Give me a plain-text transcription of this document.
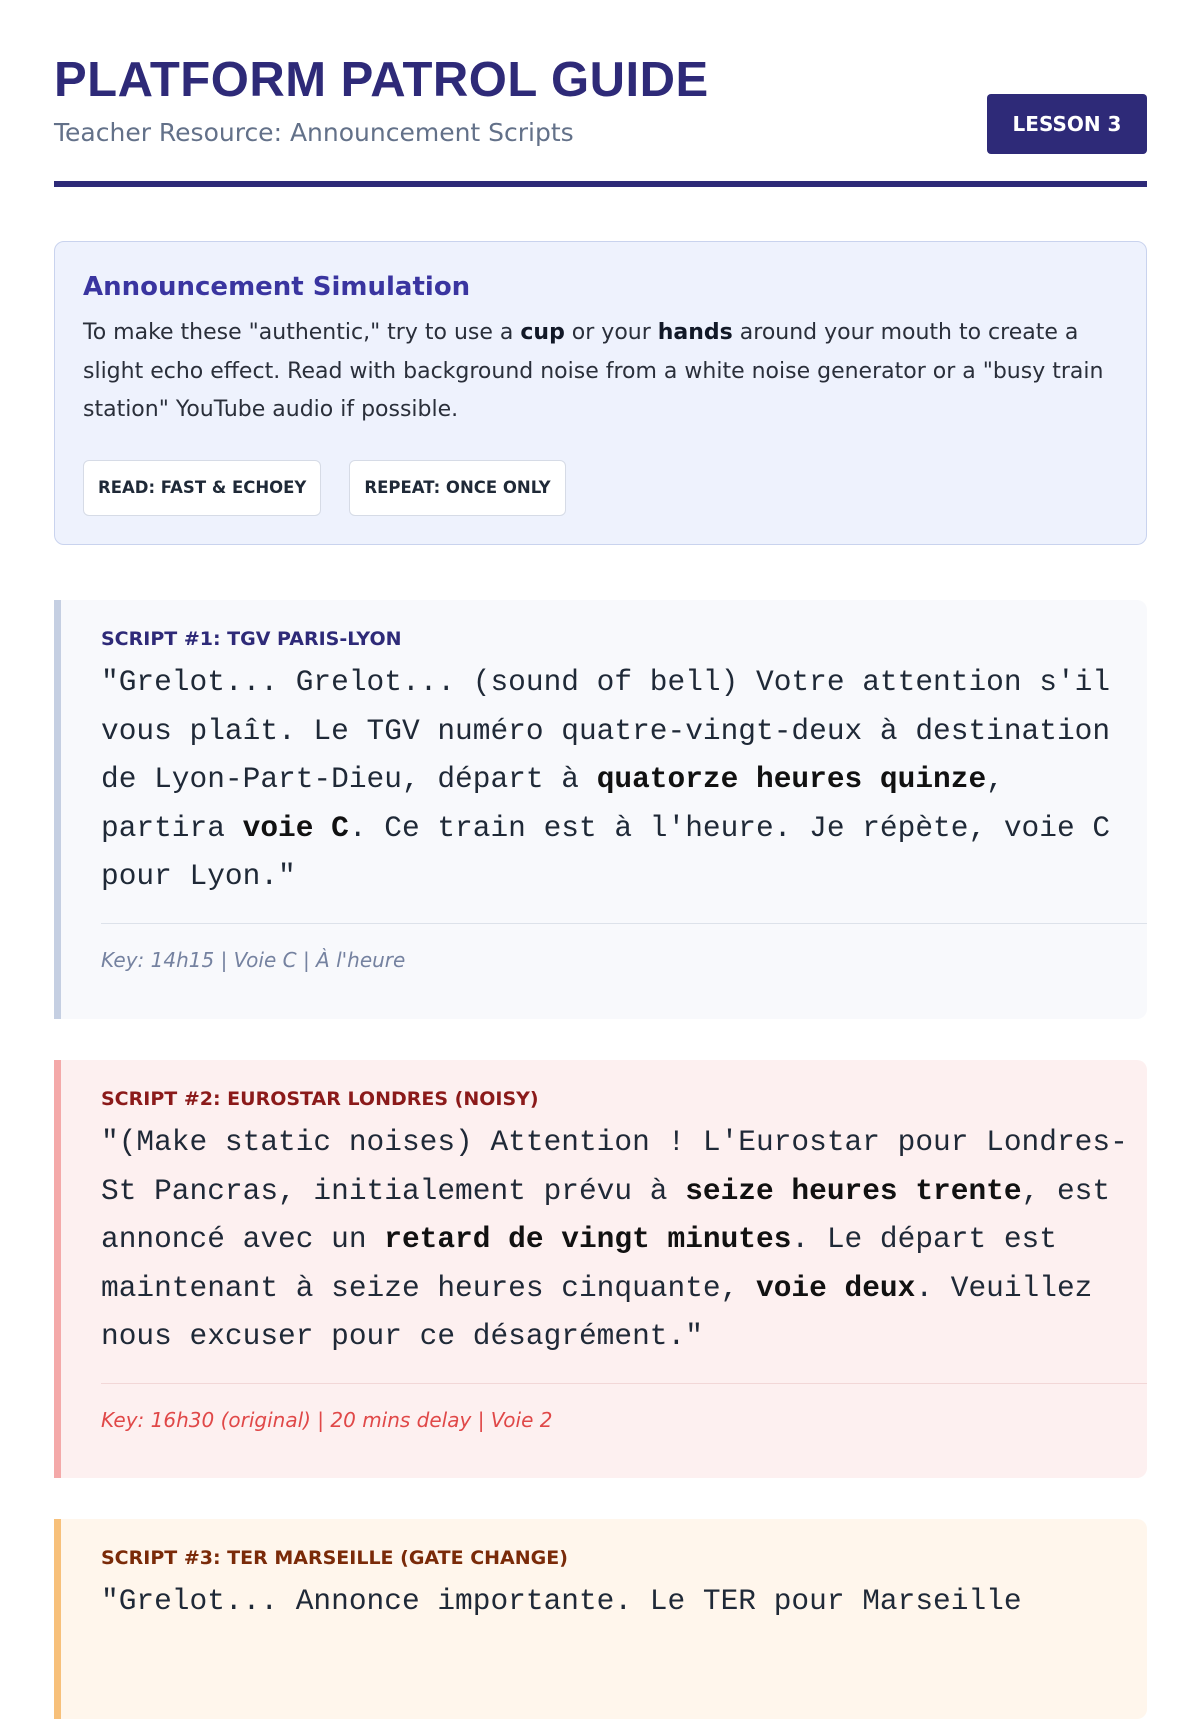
PLATFORM PATROL GUIDE
Teacher Resource: Announcement Scripts	LESSON 3
Announcement Simulation
To make these "authentic," try to use a cup or your hands around your mouth to create a slight echo effect. Read with background noise from a white noise generator or a "busy train station" YouTube audio if possible.
READ: FAST & ECHOEY	REPEAT: ONCE ONLY
SCRIPT #1: TGV PARIS-LYON
"Grelot... Grelot... (sound of bell) Votre attention s'il vous plaît. Le TGV numéro quatre-vingt-deux à destination de Lyon-Part-Dieu, départ à quatorze heures quinze, partira voie C. Ce train est à l'heure. Je répète, voie C pour Lyon."
Key: 14h15 | Voie C | À l'heure
SCRIPT #2: EUROSTAR LONDRES (NOISY)
"(Make static noises) Attention ! L'Eurostar pour Londres-St Pancras, initialement prévu à seize heures trente, est annoncé avec un retard de vingt minutes. Le départ est maintenant à seize heures cinquante, voie deux. Veuillez nous excuser pour ce désagrément."
Key: 16h30 (original) | 20 mins delay | Voie 2
SCRIPT #3: TER MARSEILLE (GATE CHANGE)
"Grelot... Annonce importante. Le TER pour Marseille
